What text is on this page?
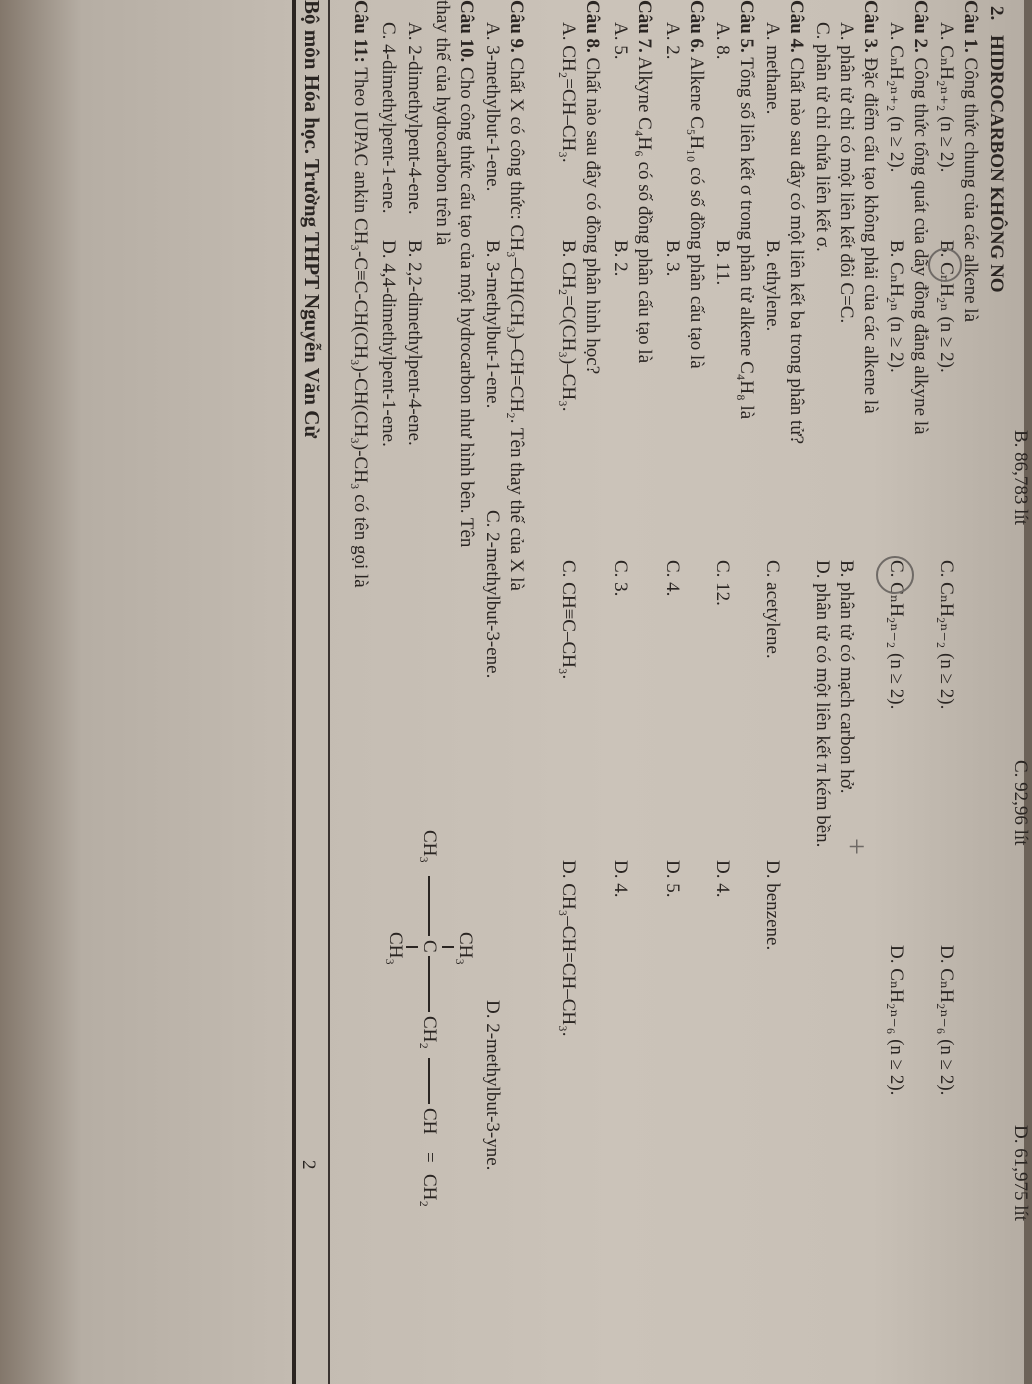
B. 86,783 lít
C. 92,96 lít
D. 61,975 lít
2. HIDROCARBON KHÔNG NO
Câu 1. Công thức chung của các alkene là
A. CₙH₂ₙ₊₂ (n ≥ 2).
B. CₙH₂ₙ (n ≥ 2).
C. CₙH₂ₙ₋₂ (n ≥ 2).
D. CₙH₂ₙ₋₆ (n ≥ 2).
Câu 2. Công thức tổng quát của dãy đồng đẳng alkyne là
A. CₙH₂ₙ₊₂ (n ≥ 2).
B. CₙH₂ₙ (n ≥ 2).
C. CₙH₂ₙ₋₂ (n ≥ 2).
D. CₙH₂ₙ₋₆ (n ≥ 2).
Câu 3. Đặc điểm cấu tạo không phải của các alkene là
A. phân tử chỉ có một liên kết đôi C=C.
B. phân tử có mạch carbon hở.
C. phân tử chỉ chứa liên kết σ.
D. phân tử có một liên kết π kém bền. +
Câu 4. Chất nào sau đây có một liên kết ba trong phân tử?
A. methane.
B. ethylene.
C. acetylene.
D. benzene.
Câu 5. Tổng số liên kết σ trong phân tử alkene C₄H₈ là
A. 8.
B. 11.
C. 12.
D. 4.
Câu 6. Alkene C₅H₁₀ có số đồng phân cấu tạo là
A. 2.
B. 3.
C. 4.
D. 5.
Câu 7. Alkyne C₄H₆ có số đồng phân cấu tạo là
A. 5.
B. 2.
C. 3.
D. 4.
Câu 8. Chất nào sau đây có đồng phân hình học?
A. CH₂=CH–CH₃.
B. CH₂=C(CH₃)–CH₃.
C. CH≡C–CH₃.
D. CH₃–CH=CH–CH₃.
Câu 9. Chất X có công thức: CH₃–CH(CH₃)–CH=CH₂. Tên thay thế của X là
A. 3-methylbut-1-ene.
B. 3-methylbut-1-ene.
C. 2-methylbut-3-ene.
D. 2-methylbut-3-yne.
Câu 10. Cho công thức cấu tạo của một hydrocarbon như hình bên. Tên
thay thế của hydrocarbon trên là
A. 2-dimethylpent-4-ene.
B. 2,2-dimethylpent-4-ene.
C. 4-dimethylpent-1-ene.
D. 4,4-dimethylpent-1-ene.
CH₃
CH₃
C
CH₂
CH
=
CH₂
CH₃
Câu 11: Theo IUPAC ankin CH₃-C≡C-CH(CH₃)-CH(CH₃)-CH₃ có tên gọi là
Bộ môn Hóa học. Trường THPT Nguyễn Văn Cừ
2
